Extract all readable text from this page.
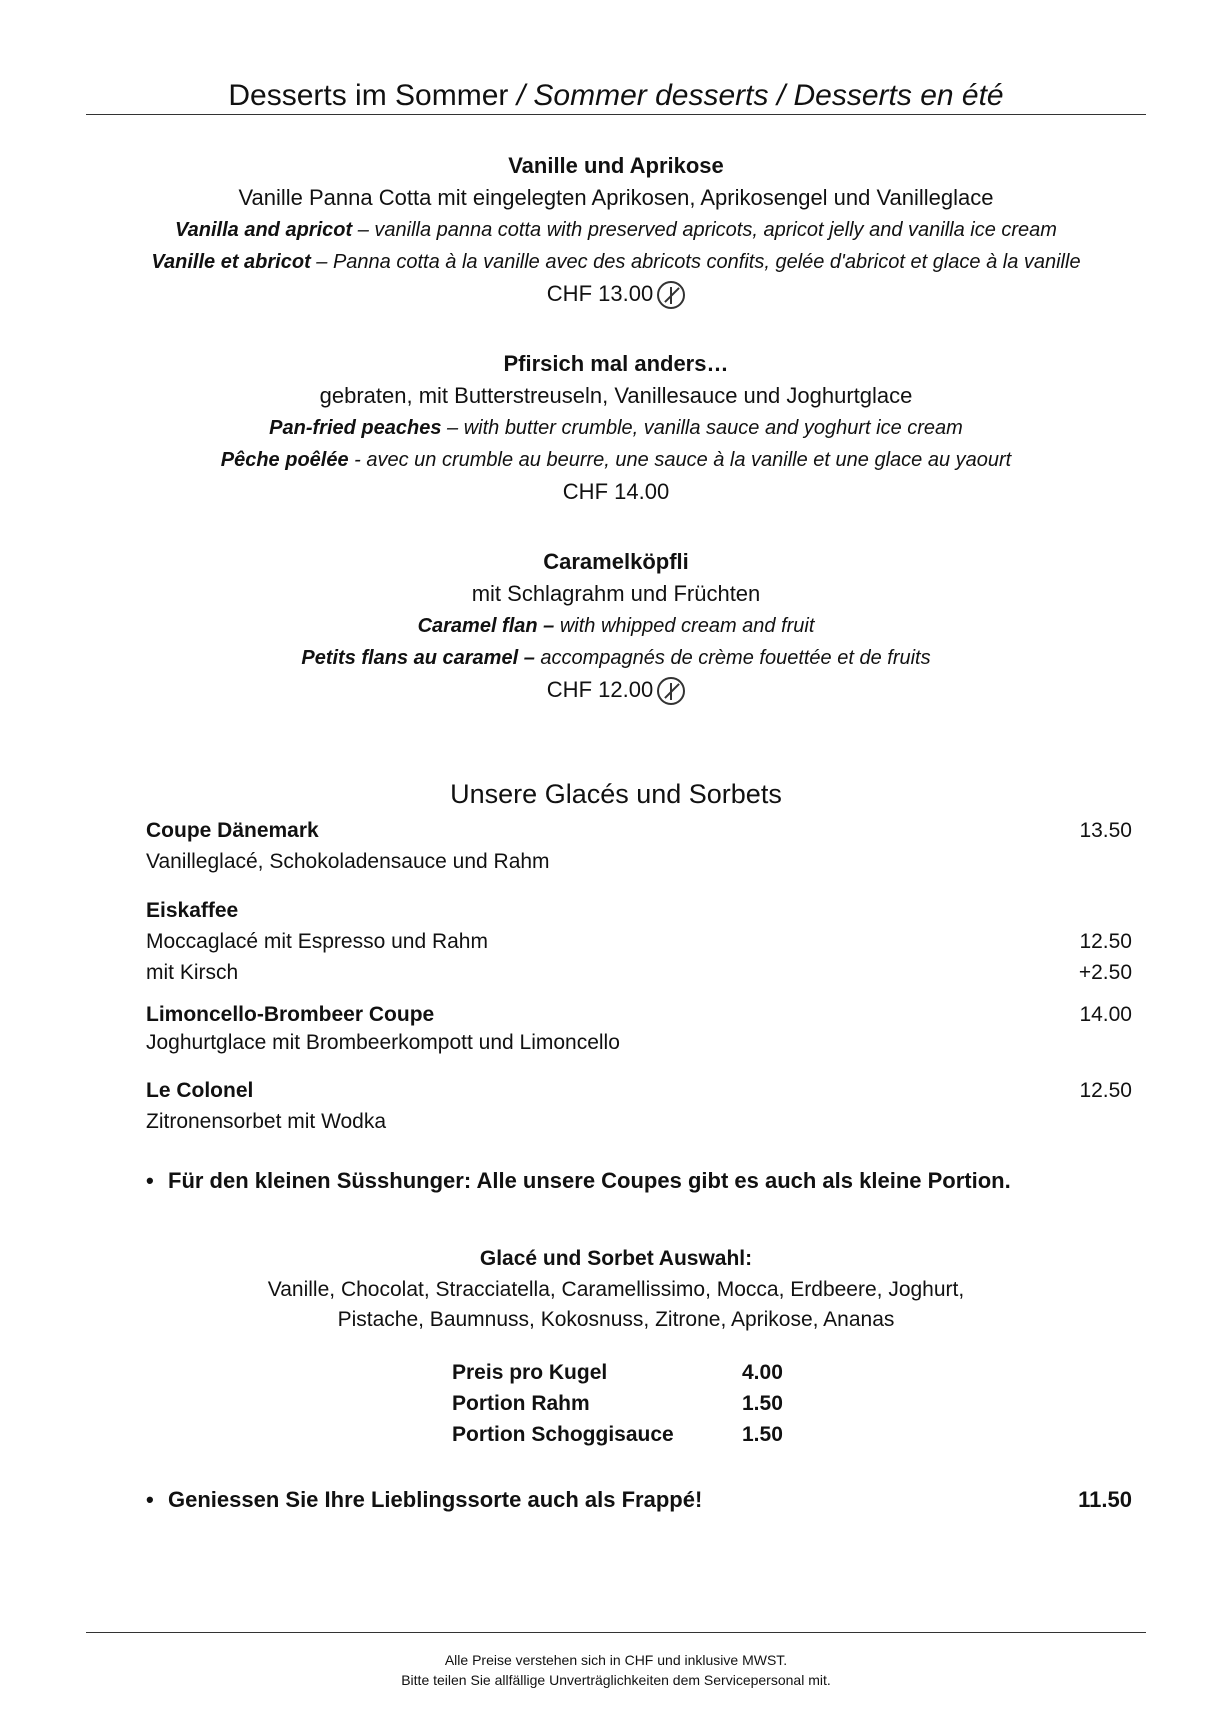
Desserts im Sommer / Sommer desserts / Desserts en été
Vanille und Aprikose
Vanille Panna Cotta mit eingelegten Aprikosen, Aprikosengel und Vanilleglace
Vanilla and apricot – vanilla panna cotta with preserved apricots, apricot jelly and vanilla ice cream
Vanille et abricot – Panna cotta à la vanille avec des abricots confits, gelée d'abricot et glace à la vanille
CHF 13.00
Pfirsich mal anders…
gebraten, mit Butterstreuseln, Vanillesauce und Joghurtglace
Pan-fried peaches – with butter crumble, vanilla sauce and yoghurt ice cream
Pêche poêlée - avec un crumble au beurre, une sauce à la vanille et une glace au yaourt
CHF 14.00
Caramelköpfli
mit Schlagrahm und Früchten
Caramel flan – with whipped cream and fruit
Petits flans au caramel – accompagnés de crème fouettée et de fruits
CHF 12.00
Unsere Glacés und Sorbets
Coupe Dänemark	13.50
Vanilleglacé, Schokoladensauce und Rahm
Eiskaffee
Moccaglacé mit Espresso und Rahm	12.50
mit Kirsch	+2.50
Limoncello-Brombeer Coupe	14.00
Joghurtglace mit Brombeerkompott und Limoncello
Le Colonel	12.50
Zitronensorbet mit Wodka
• Für den kleinen Süsshunger: Alle unsere Coupes gibt es auch als kleine Portion.
Glacé und Sorbet Auswahl:
Vanille, Chocolat, Stracciatella, Caramellissimo, Mocca, Erdbeere, Joghurt,
Pistache, Baumnuss, Kokosnuss, Zitrone, Aprikose, Ananas
Preis pro Kugel	4.00
Portion Rahm	1.50
Portion Schoggisauce	1.50
• Geniessen Sie Ihre Lieblingssorte auch als Frappé!	11.50
Alle Preise verstehen sich in CHF und inklusive MWST.
Bitte teilen Sie allfällige Unverträglichkeiten dem Servicepersonal mit.
